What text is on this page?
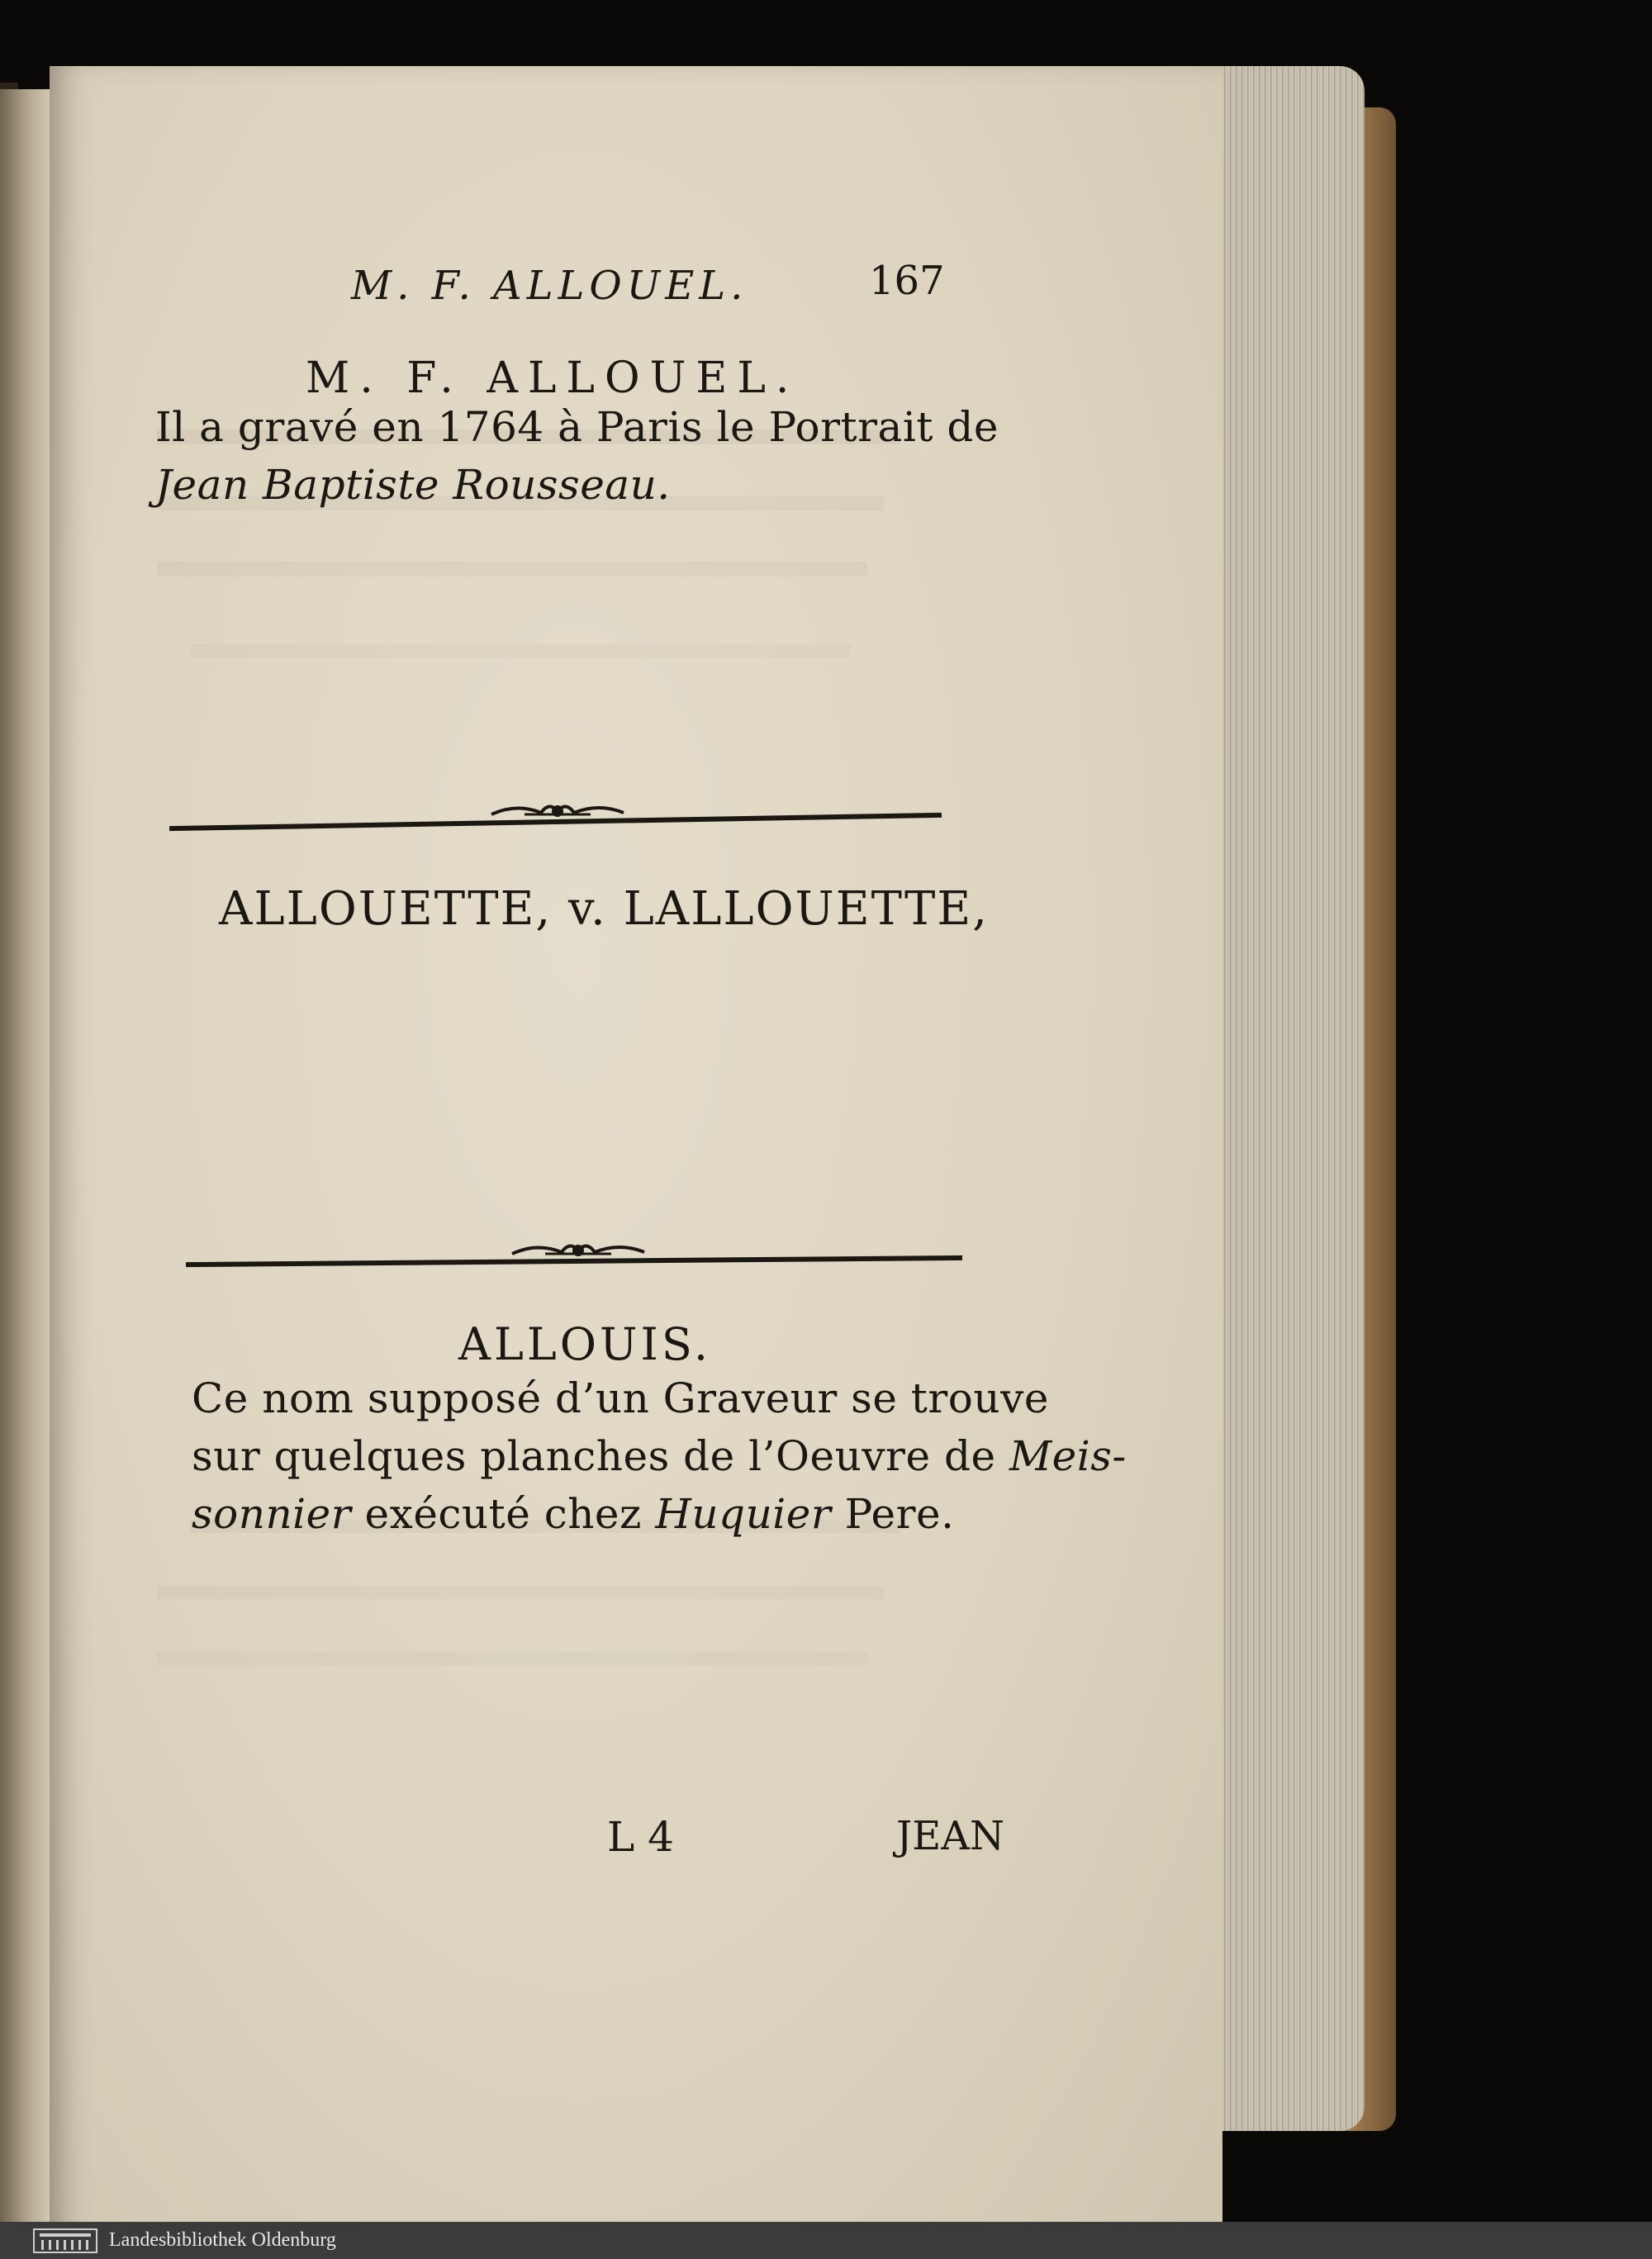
M. F. ALLOUEL.	167
M. F. ALLOUEL.
Il a gravé en 1764 à Paris le Portrait de
Jean Baptiste Rousseau.
ALLOUETTE, v. LALLOUETTE,
ALLOUIS.
Ce nom supposé d’un Graveur se trouve
sur quelques planches de l’Oeuvre de Meis-
sonnier exécuté chez Huquier Pere.
L 4	JEAN
Landesbibliothek Oldenburg
